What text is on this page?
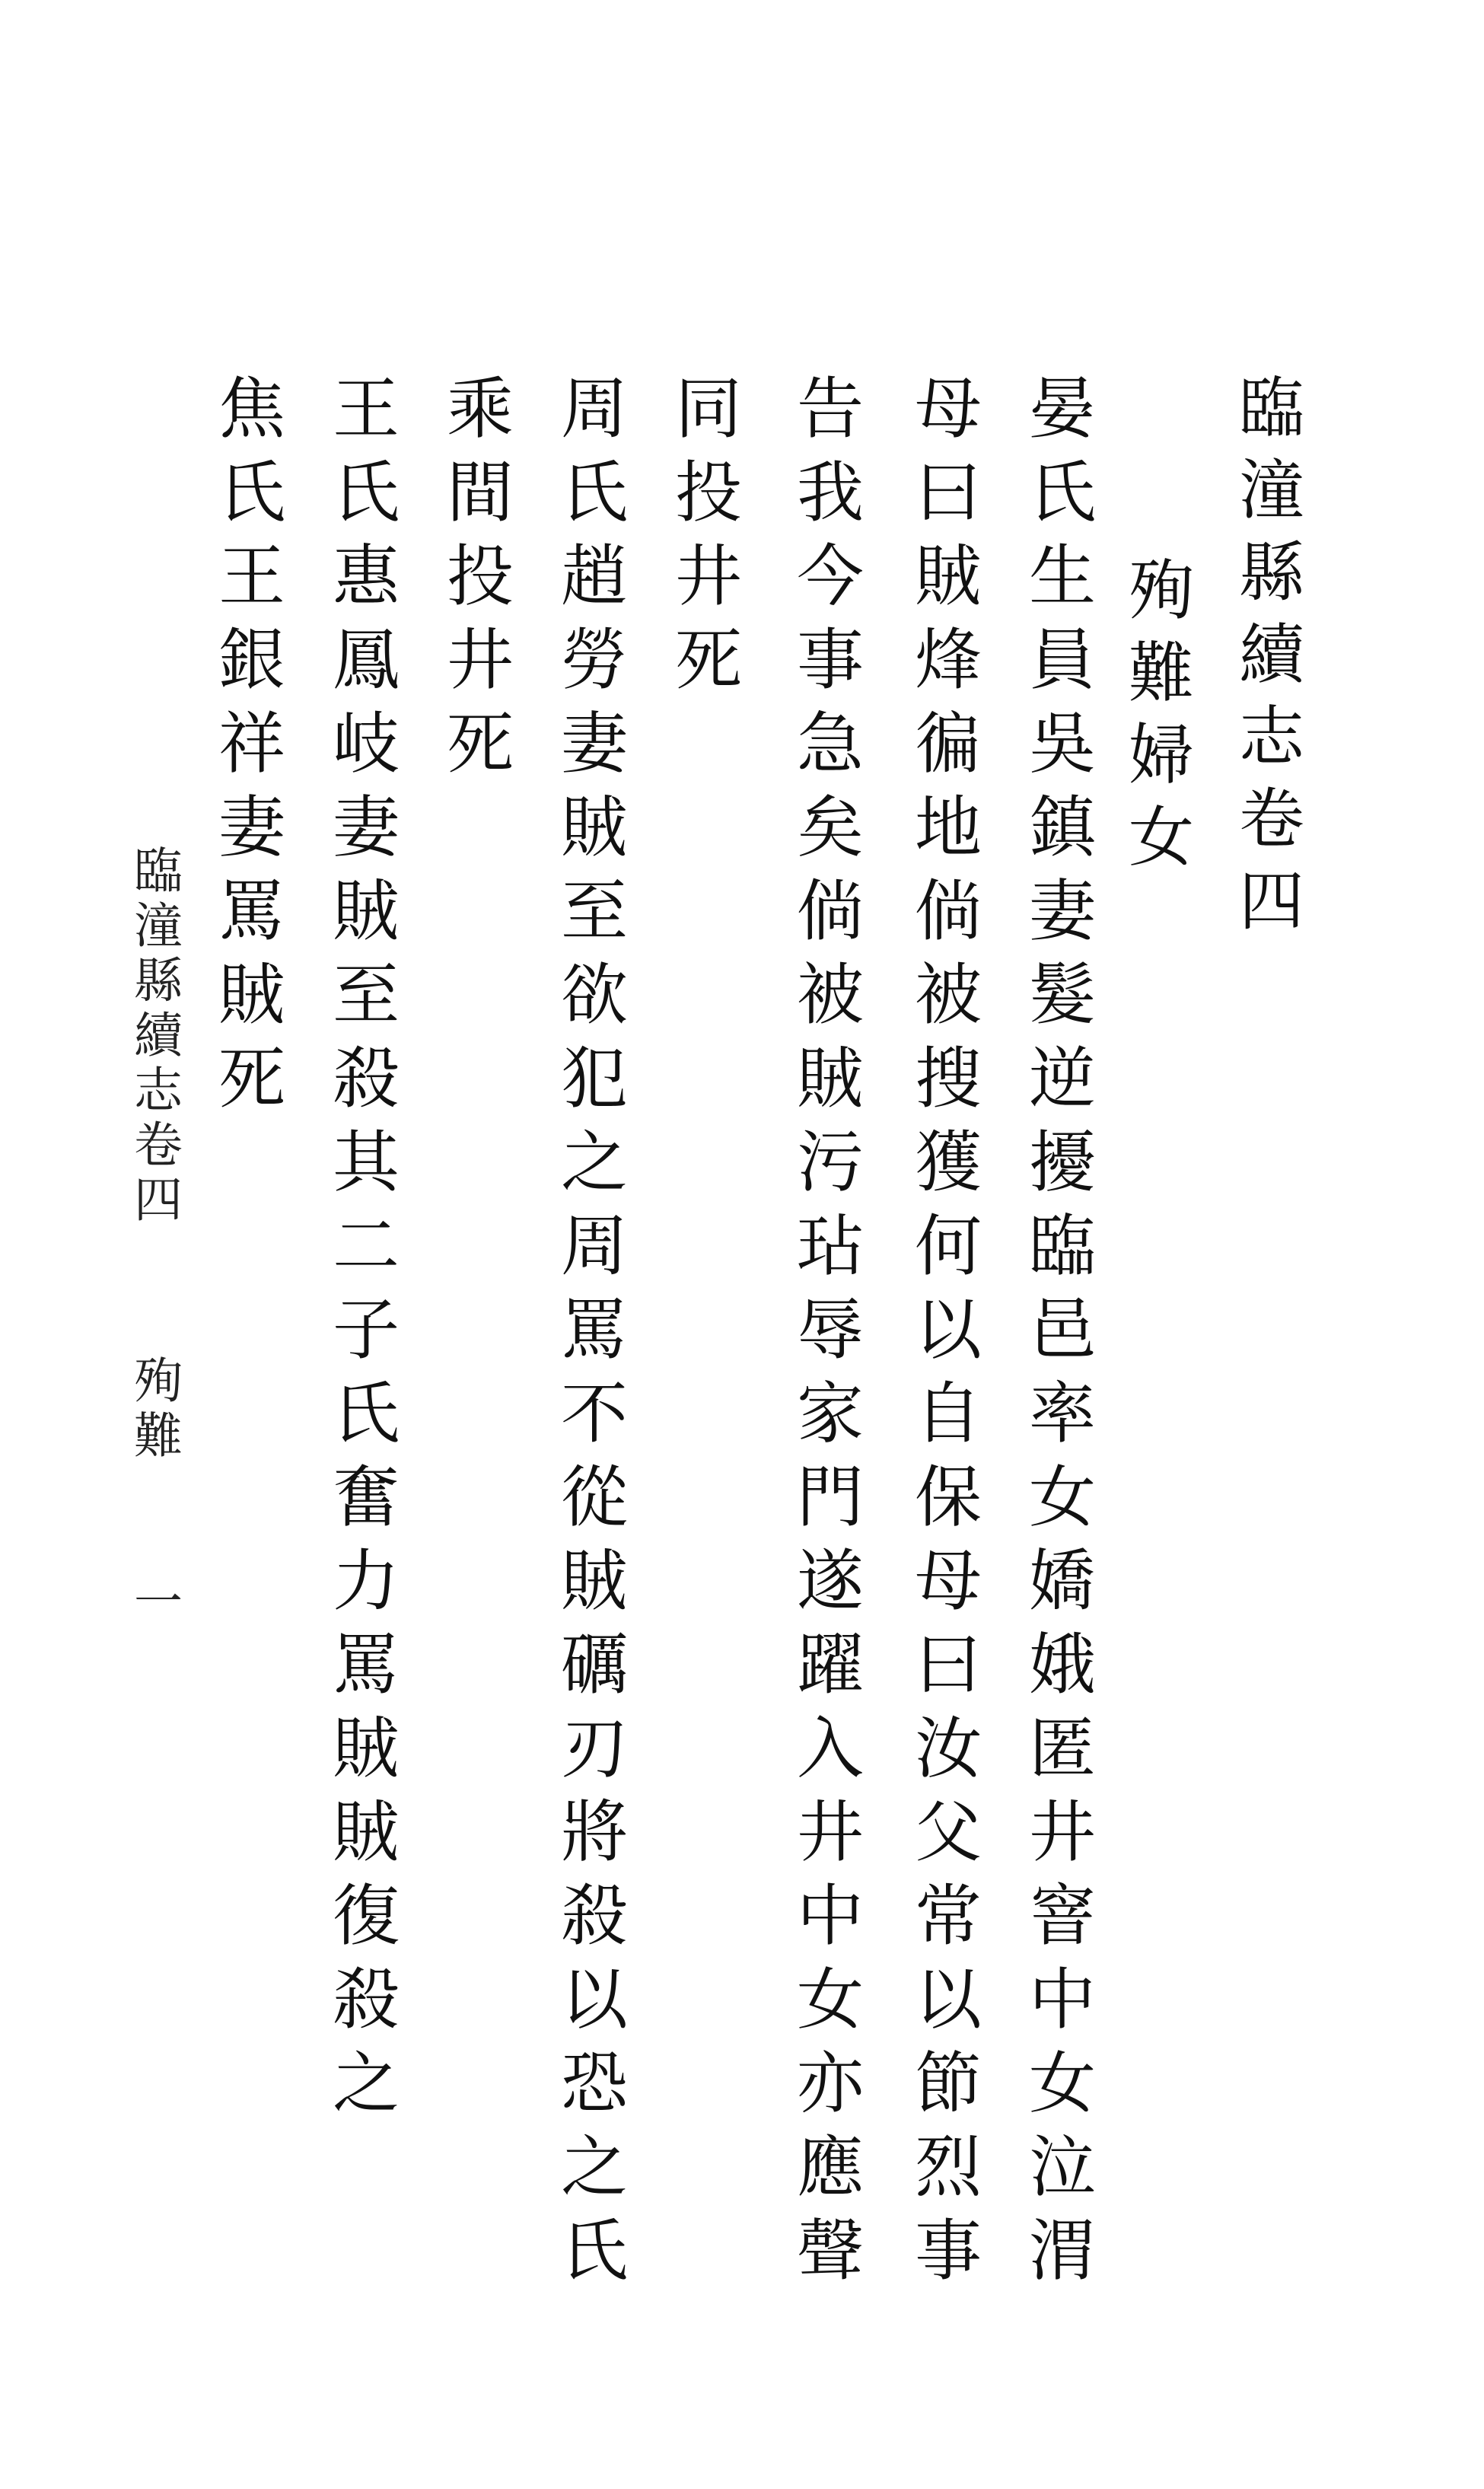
臨潼縣續志卷四
殉難婦女
晏氏生員吳鎮妻髮逆擾臨邑率女嬌娥匿井窨中女泣渭
母曰賊烽徧地倘被搜獲何以自保母曰汝父常以節烈事
告我今事急矣倘被賊污玷辱家門遂躍入井中女亦應聲
同投井死
周氏趙勞妻賊至欲犯之周罵不從賊礪刃將殺以恐之氏
乘間投井死
王氏惠鳳岐妻賊至殺其二子氏奮力罵賊賊復殺之
焦氏王銀祥妻罵賊死
臨潼縣續志卷四
殉難
一
